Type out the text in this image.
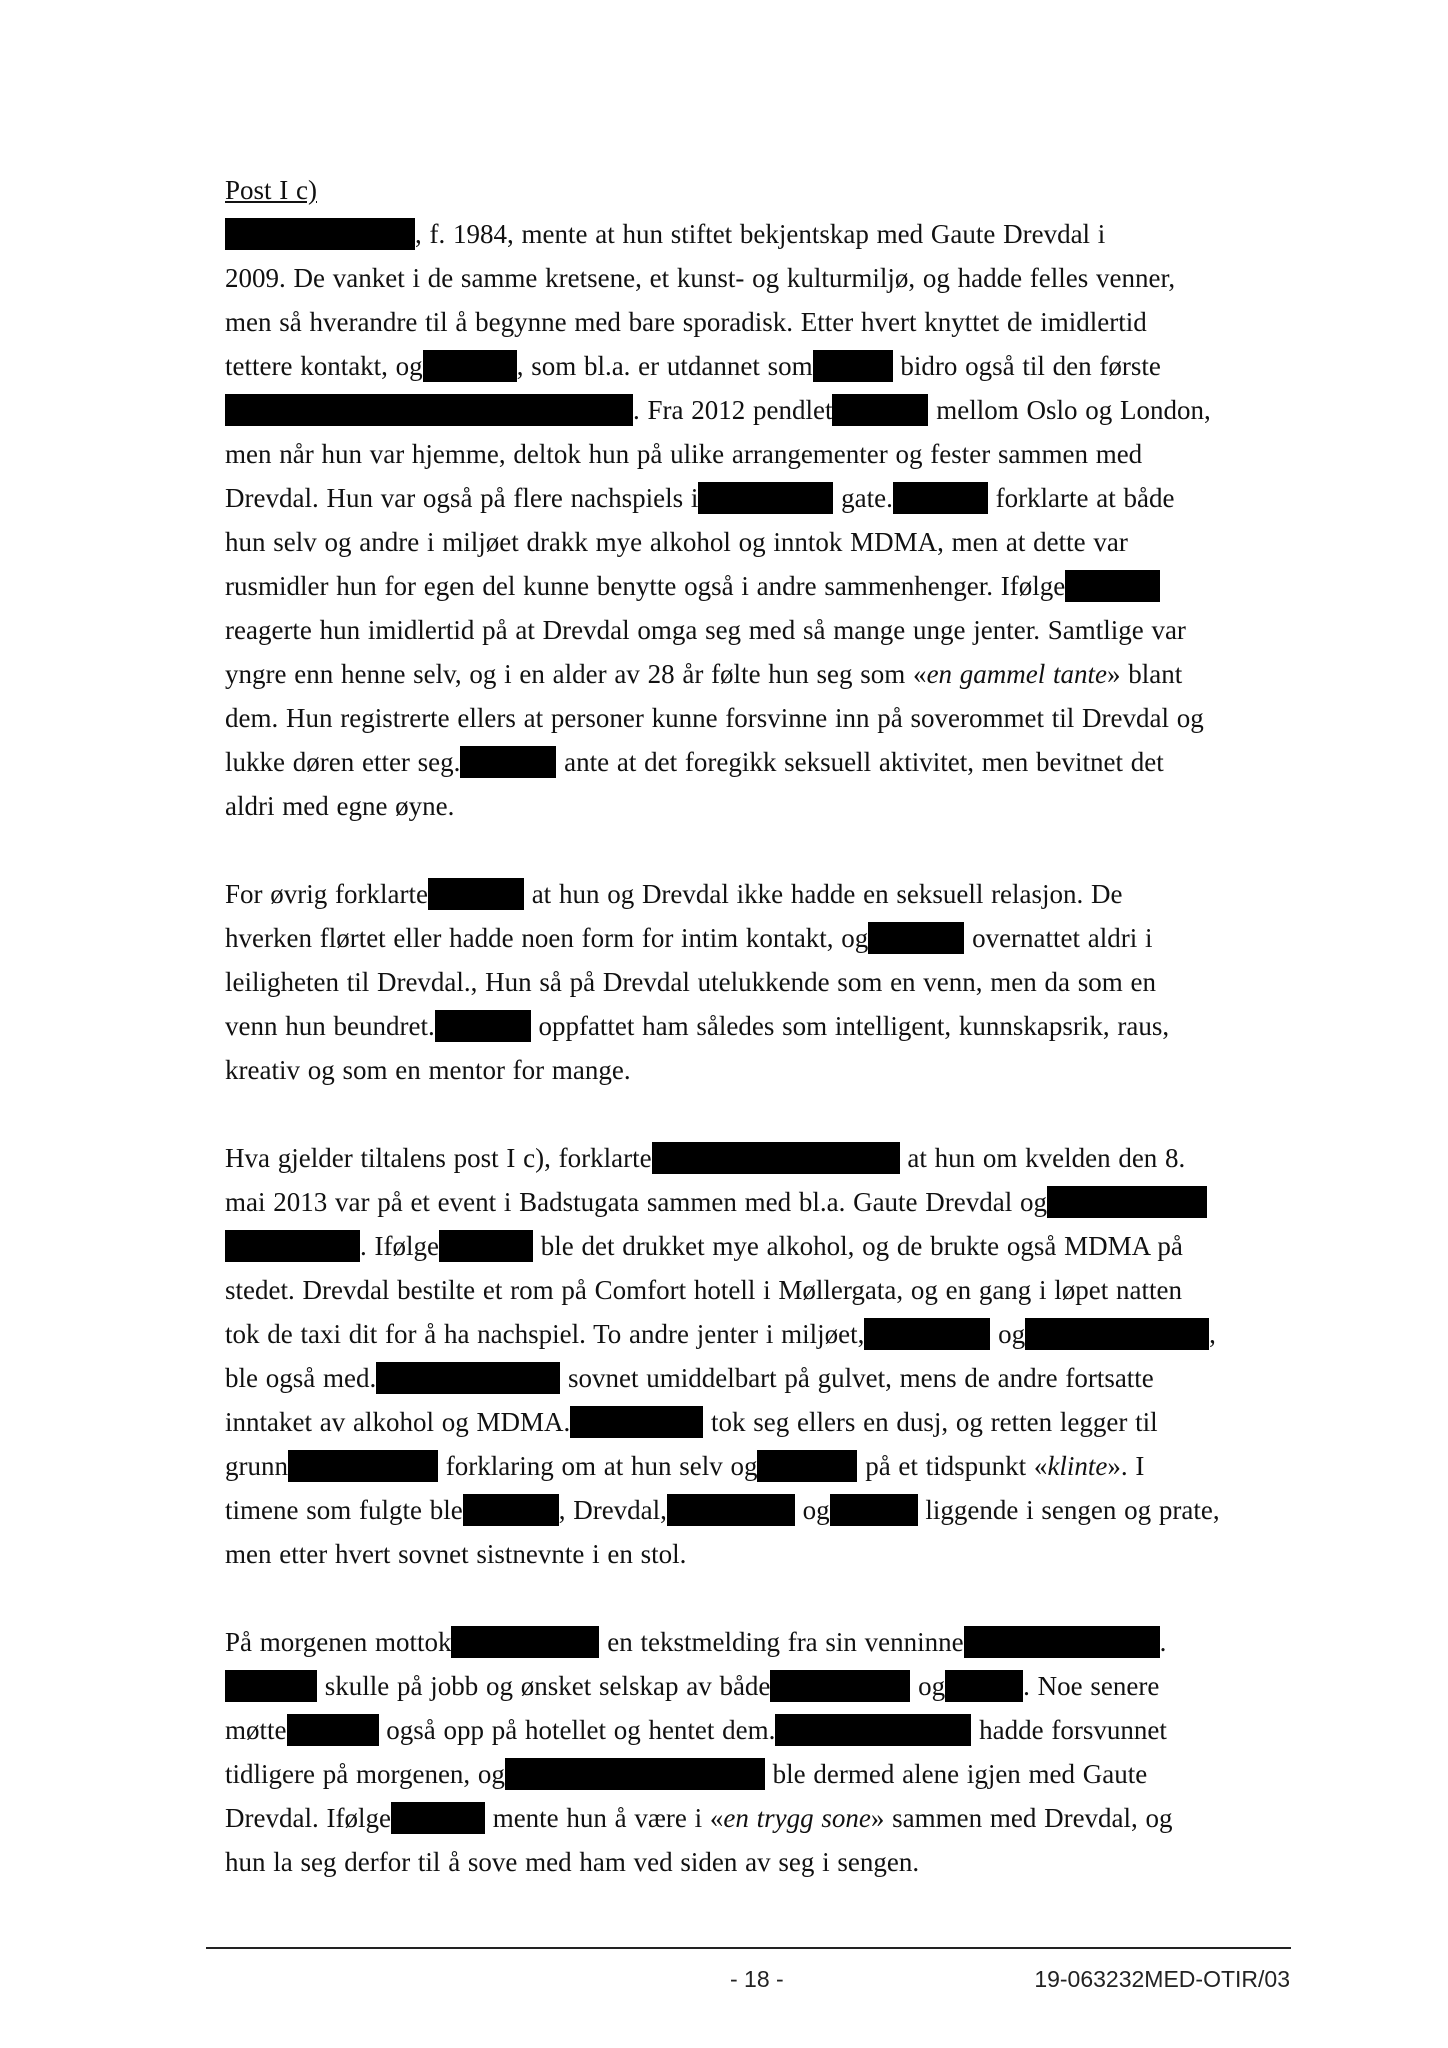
Post I c)
, f. 1984, mente at hun stiftet bekjentskap med Gaute Drevdal i
2009. De vanket i de samme kretsene, et kunst- og kulturmiljø, og hadde felles venner,
men så hverandre til å begynne med bare sporadisk. Etter hvert knyttet de imidlertid
tettere kontakt, og	, som bl.a. er utdannet som	bidro også til den første
. Fra 2012 pendlet	mellom Oslo og London,
men når hun var hjemme, deltok hun på ulike arrangementer og fester sammen med
Drevdal. Hun var også på flere nachspiels i	gate.	forklarte at både
hun selv og andre i miljøet drakk mye alkohol og inntok MDMA, men at dette var
rusmidler hun for egen del kunne benytte også i andre sammenhenger. Ifølge
reagerte hun imidlertid på at Drevdal omga seg med så mange unge jenter. Samtlige var
yngre enn henne selv, og i en alder av 28 år følte hun seg som «en gammel tante» blant
dem. Hun registrerte ellers at personer kunne forsvinne inn på soverommet til Drevdal og
lukke døren etter seg.	ante at det foregikk seksuell aktivitet, men bevitnet det
aldri med egne øyne.
For øvrig forklarte	at hun og Drevdal ikke hadde en seksuell relasjon. De
hverken flørtet eller hadde noen form for intim kontakt, og	overnattet aldri i
leiligheten til Drevdal., Hun så på Drevdal utelukkende som en venn, men da som en
venn hun beundret.	oppfattet ham således som intelligent, kunnskapsrik, raus,
kreativ og som en mentor for mange.
Hva gjelder tiltalens post I c), forklarte	at hun om kvelden den 8.
mai 2013 var på et event i Badstugata sammen med bl.a. Gaute Drevdal og
. Ifølge	ble det drukket mye alkohol, og de brukte også MDMA på
stedet. Drevdal bestilte et rom på Comfort hotell i Møllergata, og en gang i løpet natten
tok de taxi dit for å ha nachspiel. To andre jenter i miljøet,	og	,
ble også med.	sovnet umiddelbart på gulvet, mens de andre fortsatte
inntaket av alkohol og MDMA.	tok seg ellers en dusj, og retten legger til
grunn	forklaring om at hun selv og	på et tidspunkt «klinte». I
timene som fulgte ble	, Drevdal,	og	liggende i sengen og prate,
men etter hvert sovnet sistnevnte i en stol.
På morgenen mottok	en tekstmelding fra sin venninne	.
skulle på jobb og ønsket selskap av både	og	. Noe senere
møtte	også opp på hotellet og hentet dem.	hadde forsvunnet
tidligere på morgenen, og	ble dermed alene igjen med Gaute
Drevdal. Ifølge	mente hun å være i «en trygg sone» sammen med Drevdal, og
hun la seg derfor til å sove med ham ved siden av seg i sengen.
- 18 -	19-063232MED-OTIR/03
